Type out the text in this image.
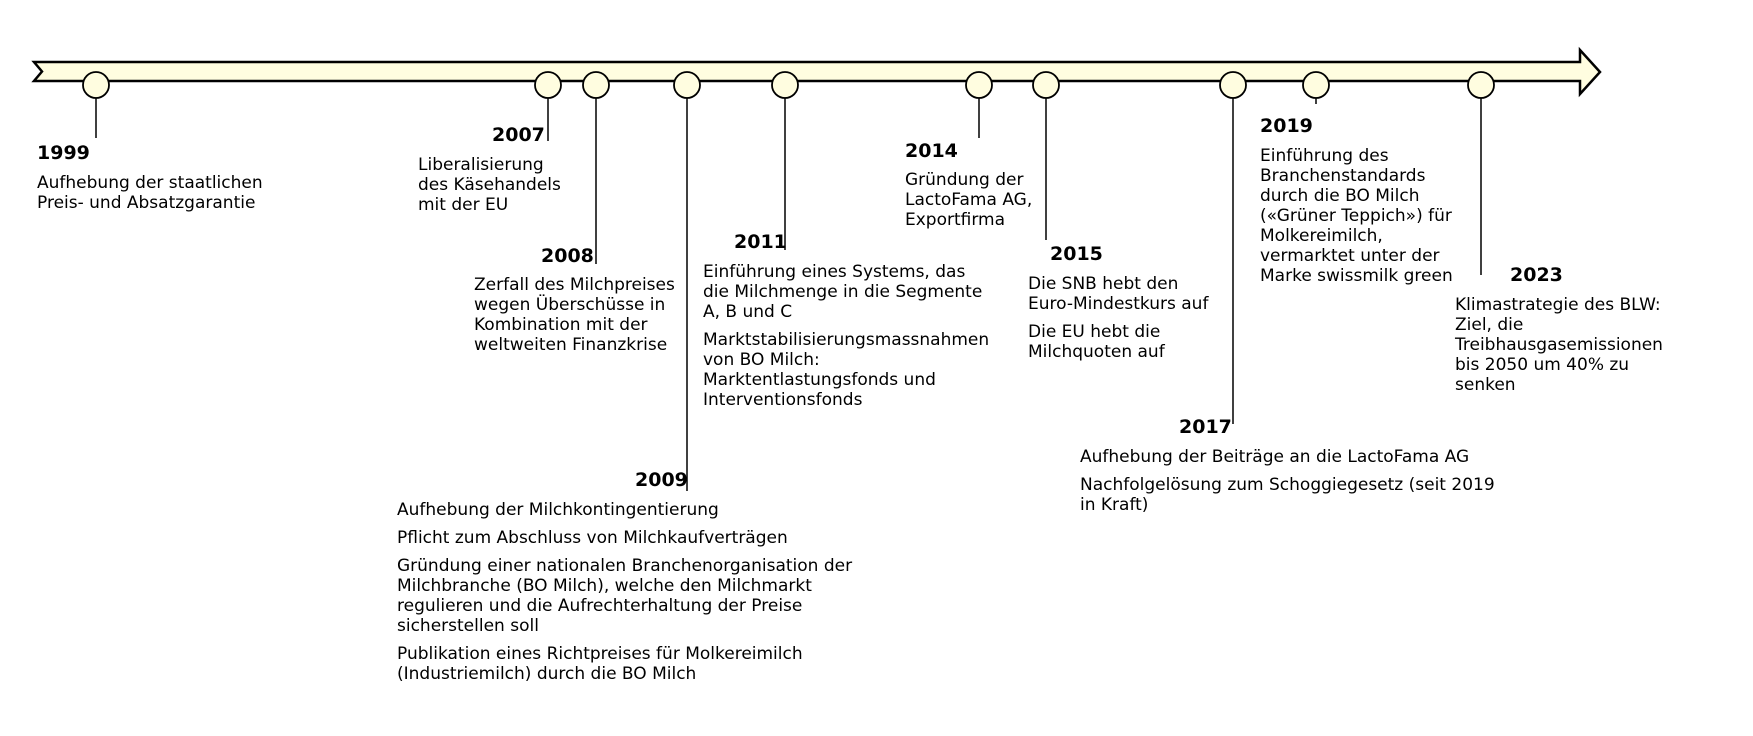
1999

Aufhebung der staatlichen Preis- und Absatzgarantie

2007

Liberalisierung des Käsehandels mit der EU

2008

Zerfall des Milchpreises wegen Überschüsse in Kombination mit der weltweiten Finanzkrise

2009

Aufhebung der Milchkontingentierung

Pflicht zum Abschluss von Milchkaufverträgen

Gründung einer nationalen Branchenorganisation der Milchbranche (BO Milch), welche den Milchmarkt regulieren und die Aufrechterhaltung der Preise sicherstellen soll

Publikation eines Richtpreises für Molkereimilch (Industriemilch) durch die BO Milch

2011

Einführung eines Systems, das die Milchmenge in die Segmente A, B und C

Marktstabilisierungsmassnahmen von BO Milch: Marktentlastungsfonds und Interventionsfonds

2014

Gründung der LactoFama AG, Exportfirma

2015

Die SNB hebt den Euro-Mindestkurs auf

Die EU hebt die Milchquoten auf

2017

Aufhebung der Beiträge an die LactoFama AG

Nachfolgelösung zum Schoggiegesetz (seit 2019 in Kraft)

2019

Einführung des Branchenstandards durch die BO Milch («Grüner Teppich») für Molkereimilch, vermarktet unter der Marke swissmilk green	2023

Klimastrategie des BLW: Ziel, die Treibhausgasemissionen bis 2050 um 40% zu senken
